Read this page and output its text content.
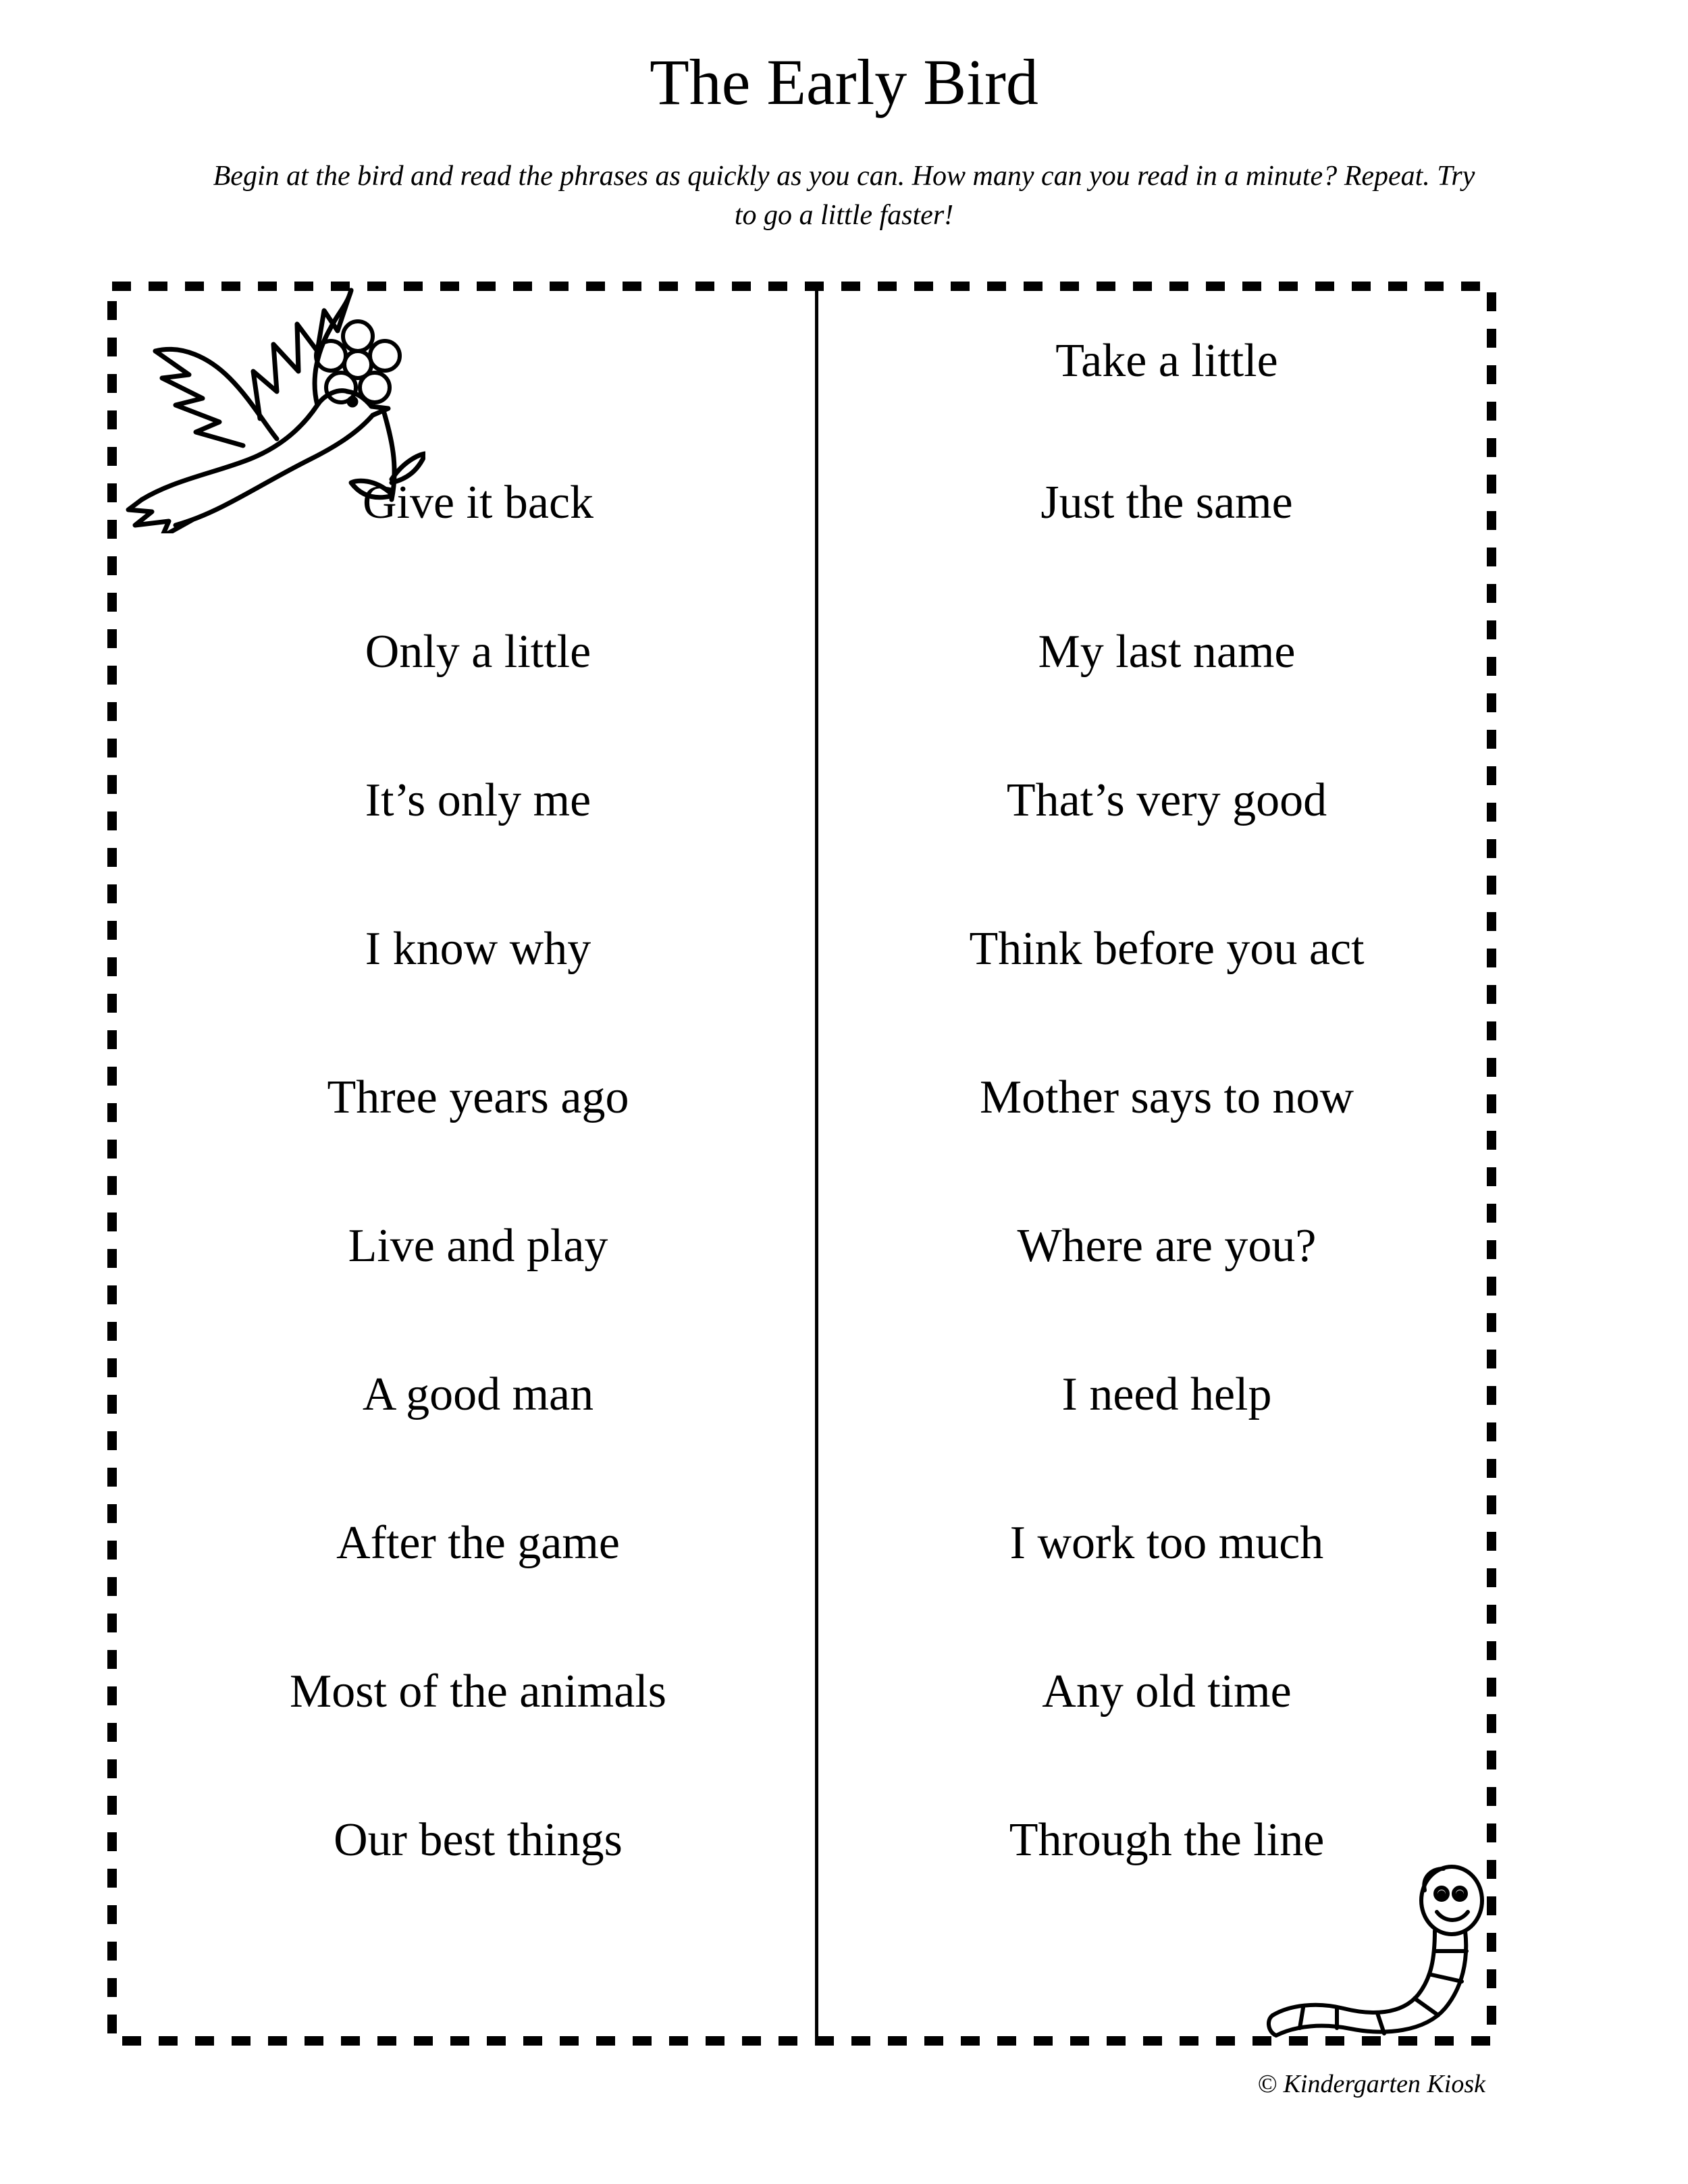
The Early Bird
Begin at the bird and read the phrases as quickly as you can. How many can you read in a minute? Repeat. Try to go a little faster!
Give it back
Only a little
It’s only me
I know why
Three years ago
Live and play
A good man
After the game
Most of the animals
Our best things
Take a little
Just the same
My last name
That’s very good
Think before you act
Mother says to now
Where are you?
I need help
I work too much
Any old time
Through the line
© Kindergarten Kiosk
